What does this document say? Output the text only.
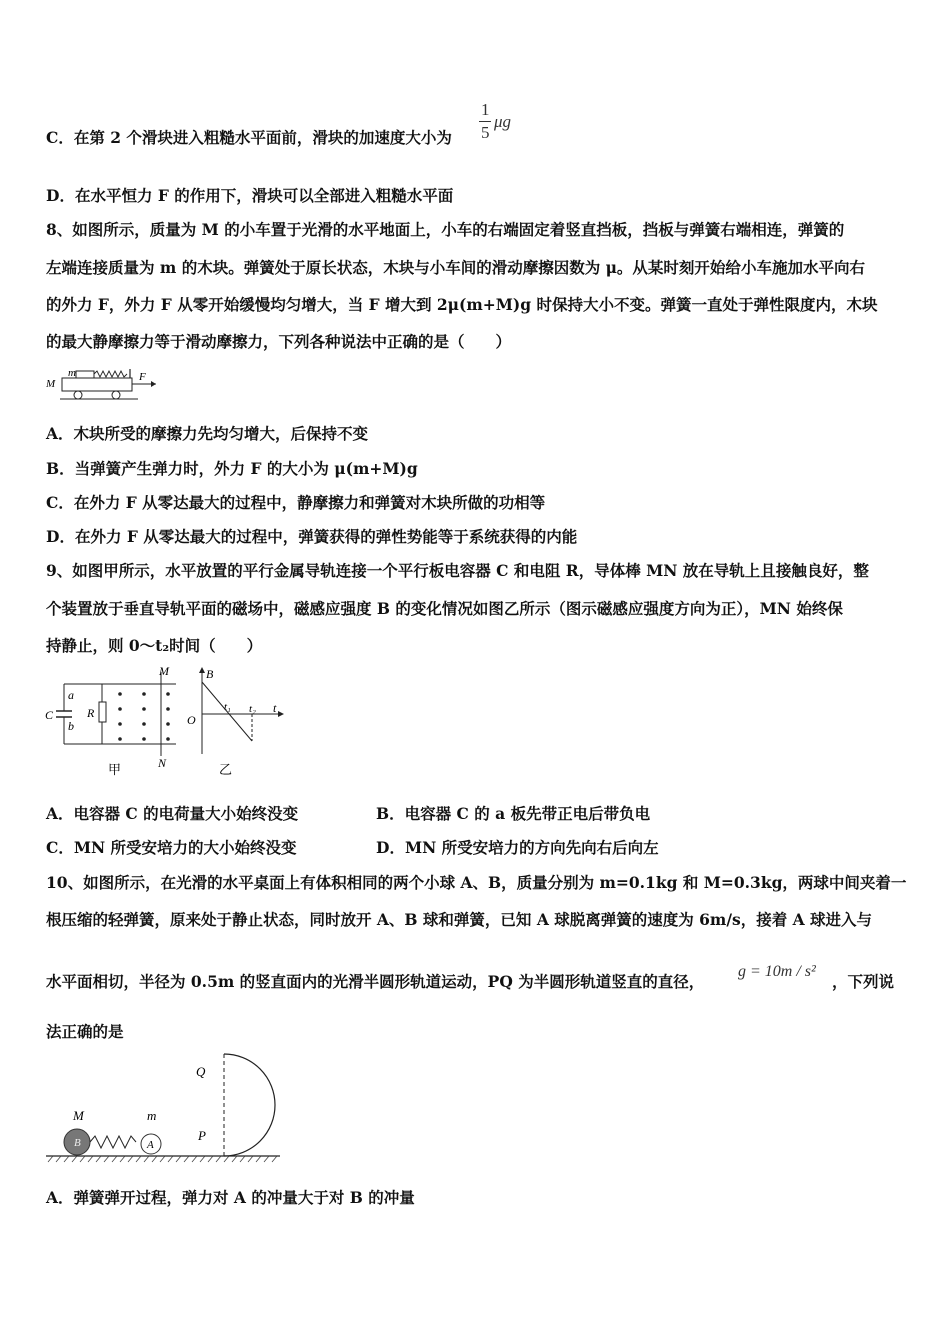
C．在第 2 个滑块进入粗糙水平面前，滑块的加速度大小为
1
5
μg
D．在水平恒力 F 的作用下，滑块可以全部进入粗糙水平面
8、如图所示，质量为 M 的小车置于光滑的水平地面上，小车的右端固定着竖直挡板，挡板与弹簧右端相连，弹簧的
左端连接质量为 m 的木块。弹簧处于原长状态，木块与小车间的滑动摩擦因数为 μ。从某时刻开始给小车施加水平向右
的外力 F，外力 F 从零开始缓慢均匀增大，当 F 增大到 2μ(m+M)g 时保持大小不变。弹簧一直处于弹性限度内，木块
的最大静摩擦力等于滑动摩擦力，下列各种说法中正确的是（　　）
M
m	F
A．木块所受的摩擦力先均匀增大，后保持不变
B．当弹簧产生弹力时，外力 F 的大小为 μ(m+M)g
C．在外力 F 从零达最大的过程中，静摩擦力和弹簧对木块所做的功相等
D．在外力 F 从零达最大的过程中，弹簧获得的弹性势能等于系统获得的内能
9、如图甲所示，水平放置的平行金属导轨连接一个平行板电容器 C 和电阻 R，导体棒 MN 放在导轨上且接触良好，整
个装置放于垂直导轨平面的磁场中，磁感应强度 B 的变化情况如图乙所示（图示磁感应强度方向为正），MN 始终保
持静止，则 0～t₂时间（　　）
C
a
b
R
M
N
甲
B
t
O
t₁ t₂
乙
A．电容器 C 的电荷量大小始终没变	B．电容器 C 的 a 板先带正电后带负电
C．MN 所受安培力的大小始终没变	D．MN 所受安培力的方向先向右后向左
10、如图所示，在光滑的水平桌面上有体积相同的两个小球 A、B，质量分别为 m=0.1kg 和 M=0.3kg，两球中间夹着一
根压缩的轻弹簧，原来处于静止状态，同时放开 A、B 球和弹簧，已知 A 球脱离弹簧的速度为 6m/s，接着 A 球进入与
水平面相切，半径为 0.5m 的竖直面内的光滑半圆形轨道运动，PQ 为半圆形轨道竖直的直径，
g = 10m / s²
，下列说
法正确的是
B
M
A
m
Q
P
A．弹簧弹开过程，弹力对 A 的冲量大于对 B 的冲量
